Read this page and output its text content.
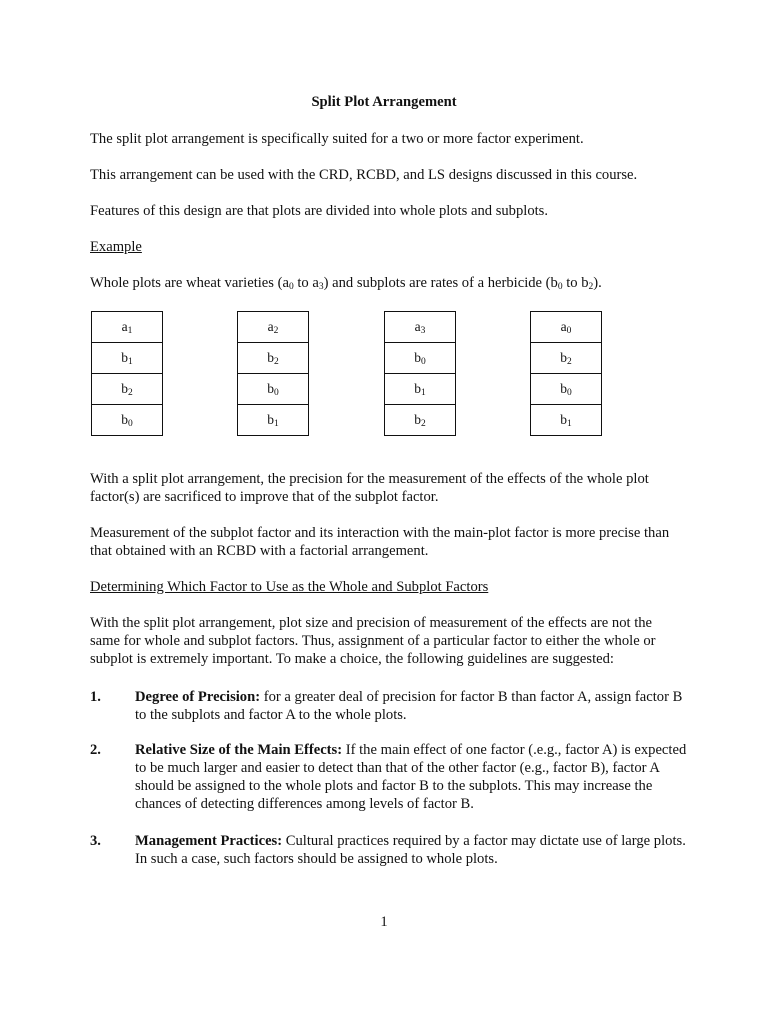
Split Plot Arrangement

The split plot arrangement is specifically suited for a two or more factor experiment.

This arrangement can be used with the CRD, RCBD, and LS designs discussed in this course.

Features of this design are that plots are divided into whole plots and subplots.

Example

Whole plots are wheat varieties ($a_0$ to $a_3$) and subplots are rates of a herbicide ($b_0$ to $b_2$).

$a_1$
$b_1$
$b_2$
$b_0$
$a_2$
$b_2$
$b_0$
$b_1$
$a_3$
$b_0$
$b_1$
$b_2$
$a_0$
$b_2$
$b_0$
$b_1$

With a split plot arrangement, the precision for the measurement of the effects of the whole plot factor(s) are sacrificed to improve that of the subplot factor.

Measurement of the subplot factor and its interaction with the main-plot factor is more precise than that obtained with an RCBD with a factorial arrangement.

Determining Which Factor to Use as the Whole and Subplot Factors

With the split plot arrangement, plot size and precision of measurement of the effects are not the same for whole and subplot factors. Thus, assignment of a particular factor to either the whole or subplot is extremely important. To make a choice, the following guidelines are suggested:

1. Degree of Precision: for a greater deal of precision for factor B than factor A, assign factor B to the subplots and factor A to the whole plots.
2. Relative Size of the Main Effects: If the main effect of one factor (.e.g., factor A) is expected to be much larger and easier to detect than that of the other factor (e.g., factor B), factor A should be assigned to the whole plots and factor B to the subplots. This may increase the chances of detecting differences among levels of factor B.
3. Management Practices: Cultural practices required by a factor may dictate use of large plots. In such a case, such factors should be assigned to whole plots.
1
